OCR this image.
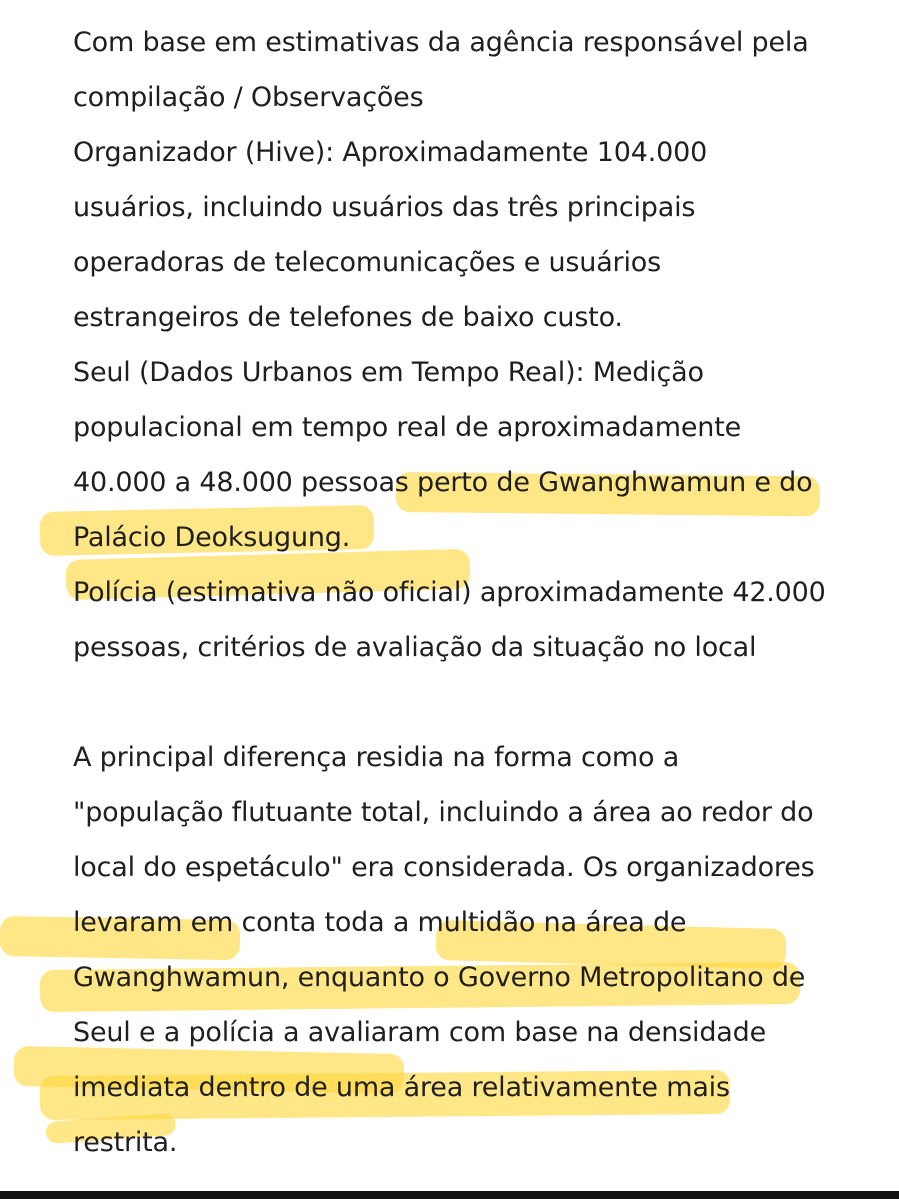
Com base em estimativas da agência responsável pela
compilação / Observações
Organizador (Hive): Aproximadamente 104.000
usuários, incluindo usuários das três principais
operadoras de telecomunicações e usuários
estrangeiros de telefones de baixo custo.
Seul (Dados Urbanos em Tempo Real): Medição
populacional em tempo real de aproximadamente
40.000 a 48.000 pessoas perto de Gwanghwamun e do
Palácio Deoksugung.
Polícia (estimativa não oficial) aproximadamente 42.000
pessoas, critérios de avaliação da situação no local
A principal diferença residia na forma como a
"população flutuante total, incluindo a área ao redor do
local do espetáculo" era considerada. Os organizadores
levaram em conta toda a multidão na área de
Gwanghwamun, enquanto o Governo Metropolitano de
Seul e a polícia a avaliaram com base na densidade
imediata dentro de uma área relativamente mais
restrita.
